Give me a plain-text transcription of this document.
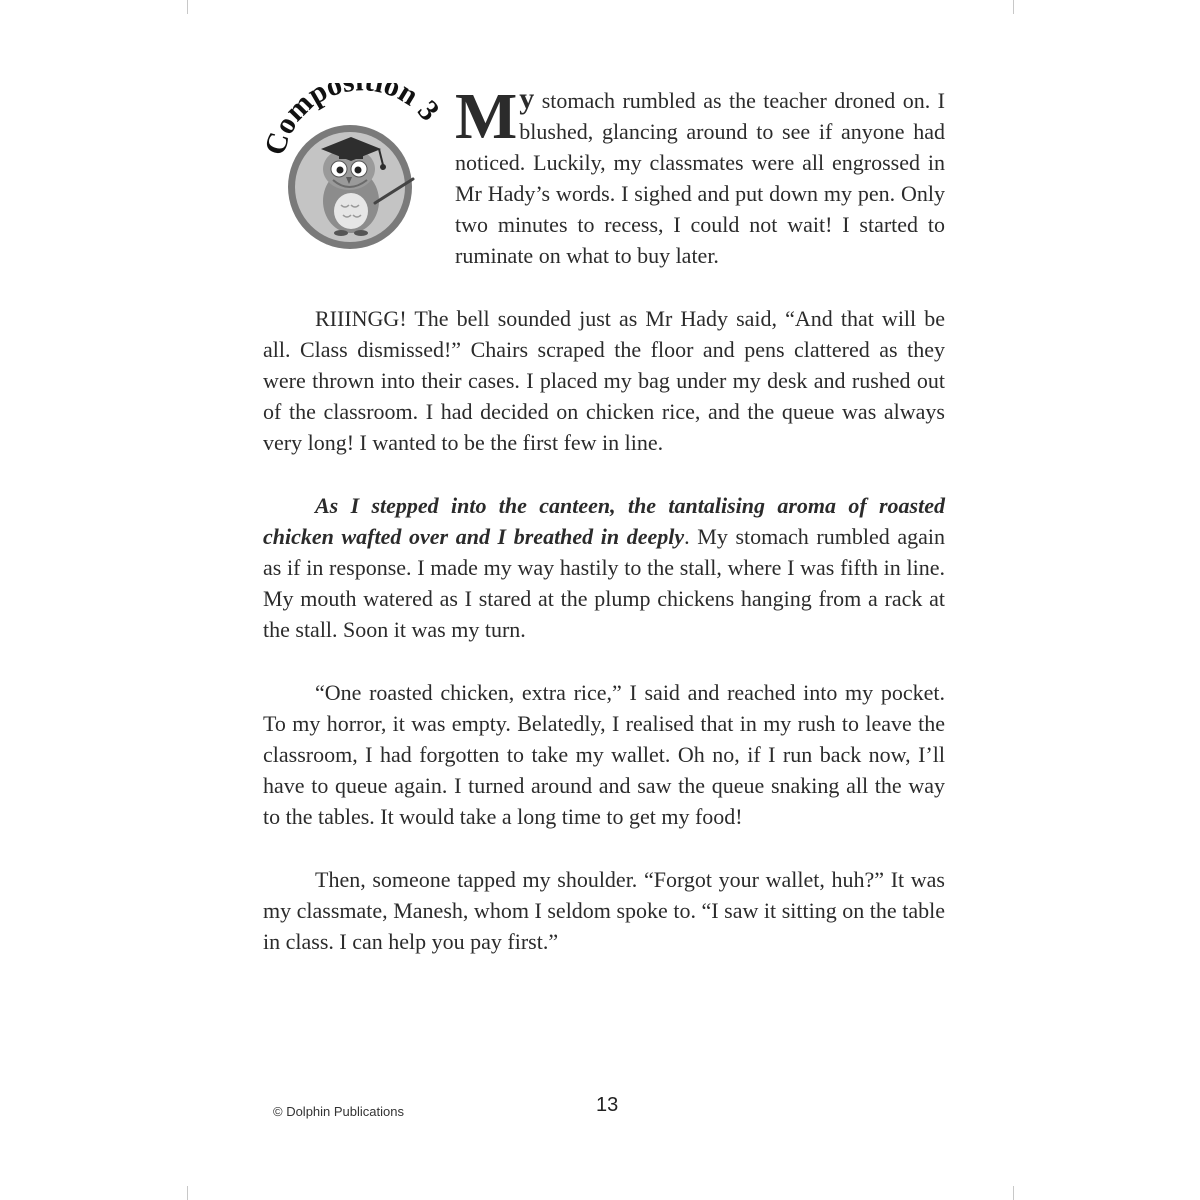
ompo on 3 My stomach rumbled as the teacher droned on. I blushed, glancing around to see if anyone had noticed. Luckily, my classmates were all engrossed in Mr Hady’s words. I sighed and put down my pen. Only two minutes to recess, I could not wait! I started to ruminate on what to buy later.

RIIINGG! The bell sounded just as Mr Hady said, “And that will be all. Class dismissed!” Chairs scraped the floor and pens clattered as they were thrown into their cases. I placed my bag under my desk and rushed out of the classroom. I had decided on chicken rice, and the queue was always very long! I wanted to be the first few in line.

As I stepped into the canteen, the tantalising aroma of roasted chicken wafted over and I breathed in deeply. My stomach rumbled again as if in response. I made my way hastily to the stall, where I was fifth in line. My mouth watered as I stared at the plump chickens hanging from a rack at the stall. Soon it was my turn.

“One roasted chicken, extra rice,” I said and reached into my pocket. To my horror, it was empty. Belatedly, I realised that in my rush to leave the classroom, I had forgotten to take my wallet. Oh no, if I run back now, I’ll have to queue again. I turned around and saw the queue snaking all the way to the tables. It would take a long time to get my food!

Then, someone tapped my shoulder. “Forgot your wallet, huh?” It was my classmate, Manesh, whom I seldom spoke to. “I saw it sitting on the table in class. I can help you pay first.”

© Dolphin Publications	13
